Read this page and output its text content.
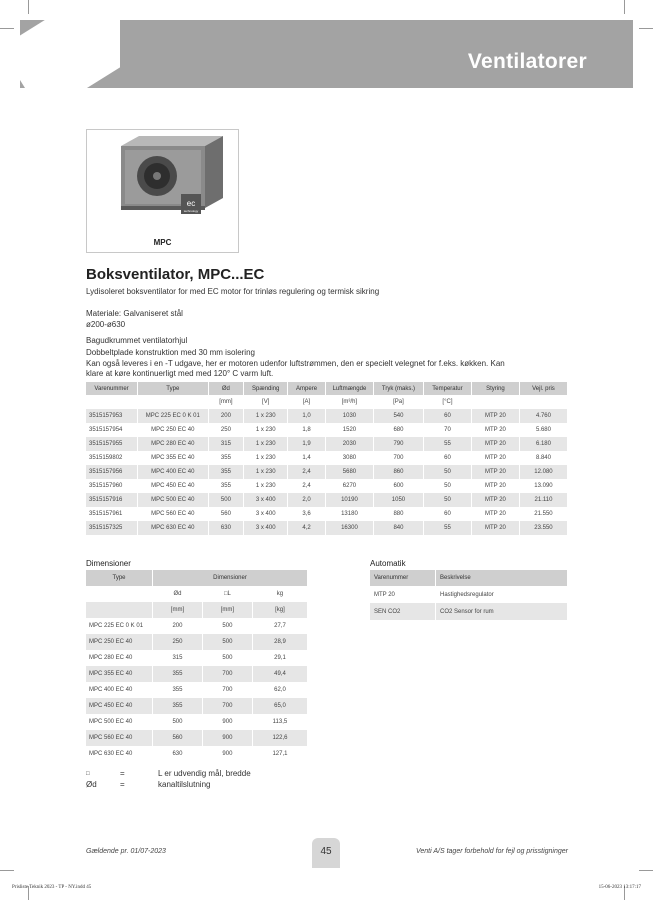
Ventilatorer
ec
technology
MPC
Boksventilator, MPC...EC
Lydisoleret boksventilator for med EC motor for trinløs regulering og termisk sikring
Materiale: Galvaniseret stål
ø200-ø630
Bagudkrummet ventilatorhjul
Dobbeltplade konstruktion med 30 mm isolering
Kan også leveres i en -T udgave, her er motoren udenfor luftstrømmen, den er specielt velegnet for f.eks. køkken. Kan
klare at køre kontinuerligt med med 120° C varm luft.
Varenummer	Type	Ød	Spænding	Ampere	Luftmængde	Tryk (maks.)	Temperatur	Styring	Vejl. pris
		[mm]	[V]	[A]	[m³/h]	[Pa]	[°C]		
3515157953	MPC 225 EC 0 K 01	200	1 x 230	1,0	1030	540	60	MTP 20	4.760
3515157954	MPC 250 EC 40	250	1 x 230	1,8	1520	680	70	MTP 20	5.680
3515157955	MPC 280 EC 40	315	1 x 230	1,9	2030	790	55	MTP 20	6.180
3515159802	MPC 355 EC 40	355	1 x 230	1,4	3080	700	60	MTP 20	8.840
3515157956	MPC 400 EC 40	355	1 x 230	2,4	5680	860	50	MTP 20	12.080
3515157960	MPC 450 EC 40	355	1 x 230	2,4	6270	600	50	MTP 20	13.090
3515157916	MPC 500 EC 40	500	3 x 400	2,0	10190	1050	50	MTP 20	21.110
3515157961	MPC 560 EC 40	560	3 x 400	3,6	13180	880	60	MTP 20	21.550
3515157325	MPC 630 EC 40	630	3 x 400	4,2	16300	840	55	MTP 20	23.550
Dimensioner
Type	Dimensioner		
	Ød	□L	kg
	[mm]	[mm]	[kg]
MPC 225 EC 0 K 01	200	500	27,7
MPC 250 EC 40	250	500	28,9
MPC 280 EC 40	315	500	29,1
MPC 355 EC 40	355	700	49,4
MPC 400 EC 40	355	700	62,0
MPC 450 EC 40	355	700	65,0
MPC 500 EC 40	500	900	113,5
MPC 560 EC 40	560	900	122,6
MPC 630 EC 40	630	900	127,1
Automatik
Varenummer	Beskrivelse
MTP 20	Hastighedsregulator
SEN CO2	CO2 Sensor for rum
□	=	L er udvendig mål, bredde
Ød	=	kanaltilslutning
Gældende pr. 01/07-2023	45	Venti A/S tager forbehold for fejl og prisstigninger
Prisliste Teknik 2023 - TP - NY.indd 45	15-06-2023 13:17:17
